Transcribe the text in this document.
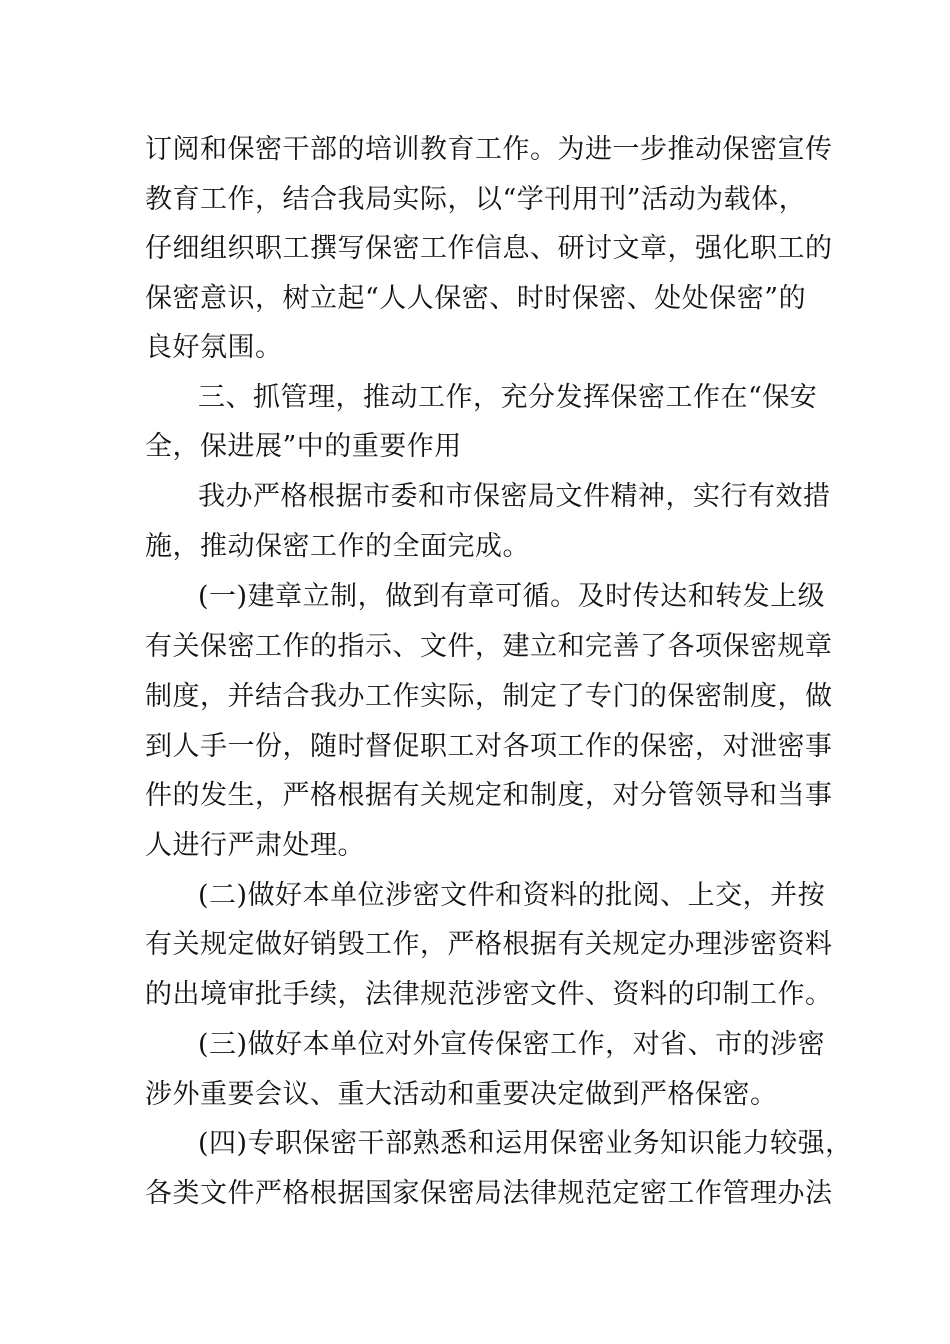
订阅和保密干部的培训教育工作。为进一步推动保密宣传
教育工作，结合我局实际，以“学刊用刊”活动为载体，
仔细组织职工撰写保密工作信息、研讨文章，强化职工的
保密意识，树立起“人人保密、时时保密、处处保密”的
良好氛围。
三、抓管理，推动工作，充分发挥保密工作在“保安
全，保进展”中的重要作用
我办严格根据市委和市保密局文件精神，实行有效措
施，推动保密工作的全面完成。
(一)建章立制，做到有章可循。及时传达和转发上级
有关保密工作的指示、文件，建立和完善了各项保密规章
制度，并结合我办工作实际，制定了专门的保密制度，做
到人手一份，随时督促职工对各项工作的保密，对泄密事
件的发生，严格根据有关规定和制度，对分管领导和当事
人进行严肃处理。
(二)做好本单位涉密文件和资料的批阅、上交，并按
有关规定做好销毁工作，严格根据有关规定办理涉密资料
的出境审批手续，法律规范涉密文件、资料的印制工作。
(三)做好本单位对外宣传保密工作，对省、市的涉密
涉外重要会议、重大活动和重要决定做到严格保密。
(四)专职保密干部熟悉和运用保密业务知识能力较强，
各类文件严格根据国家保密局法律规范定密工作管理办法
